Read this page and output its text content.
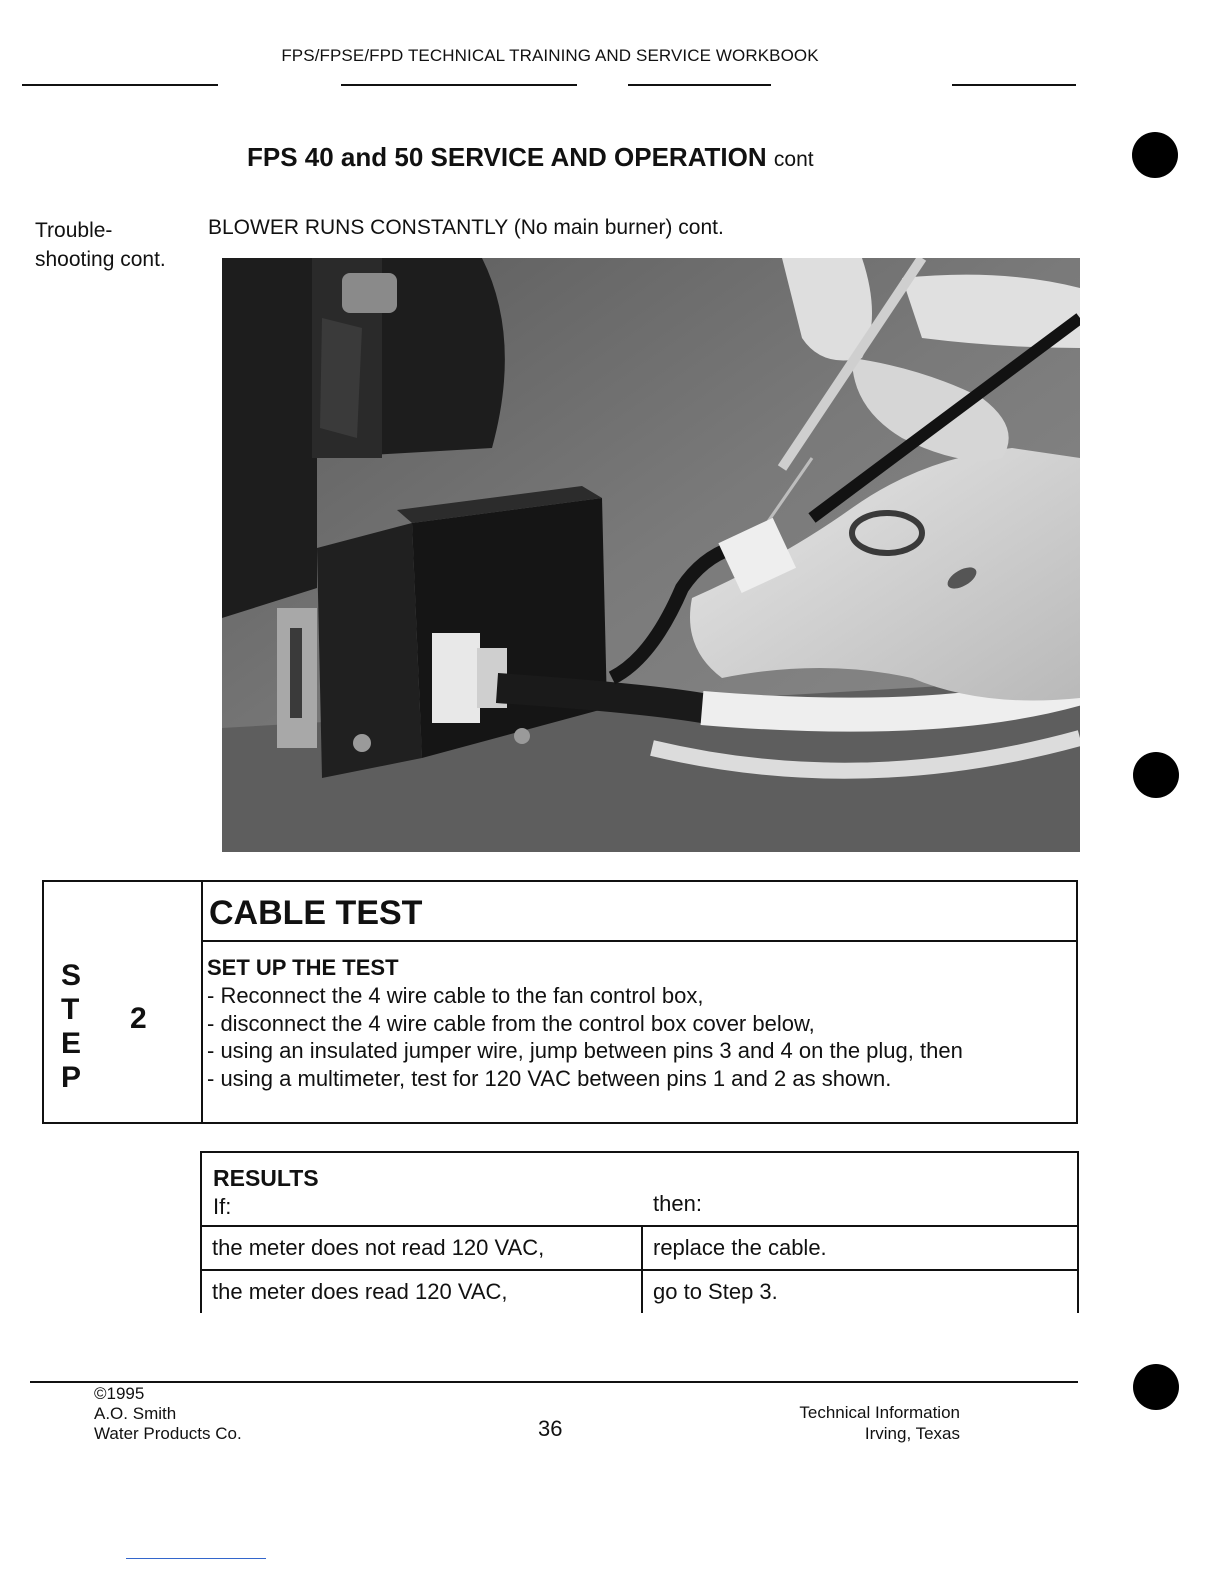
FPS/FPSE/FPD TECHNICAL TRAINING AND SERVICE WORKBOOK
FPS 40 and 50 SERVICE AND OPERATION cont
Trouble-
shooting cont.
BLOWER RUNS CONSTANTLY (No main burner) cont.
S
T
E
P
2
CABLE TEST
SET UP THE TEST
- Reconnect the 4 wire cable to the fan control box,
- disconnect the 4 wire cable from the control box cover below,
- using an insulated jumper wire, jump between pins 3 and 4 on the plug, then
- using a multimeter, test for 120 VAC between pins 1 and 2 as shown.
RESULTS
If: then:	

the meter does not read 120 VAC,	replace the cable.
the meter does read 120 VAC,	go to Step 3.
©1995
A.O. Smith
Water Products Co.	36
Technical Information
Irving, Texas
